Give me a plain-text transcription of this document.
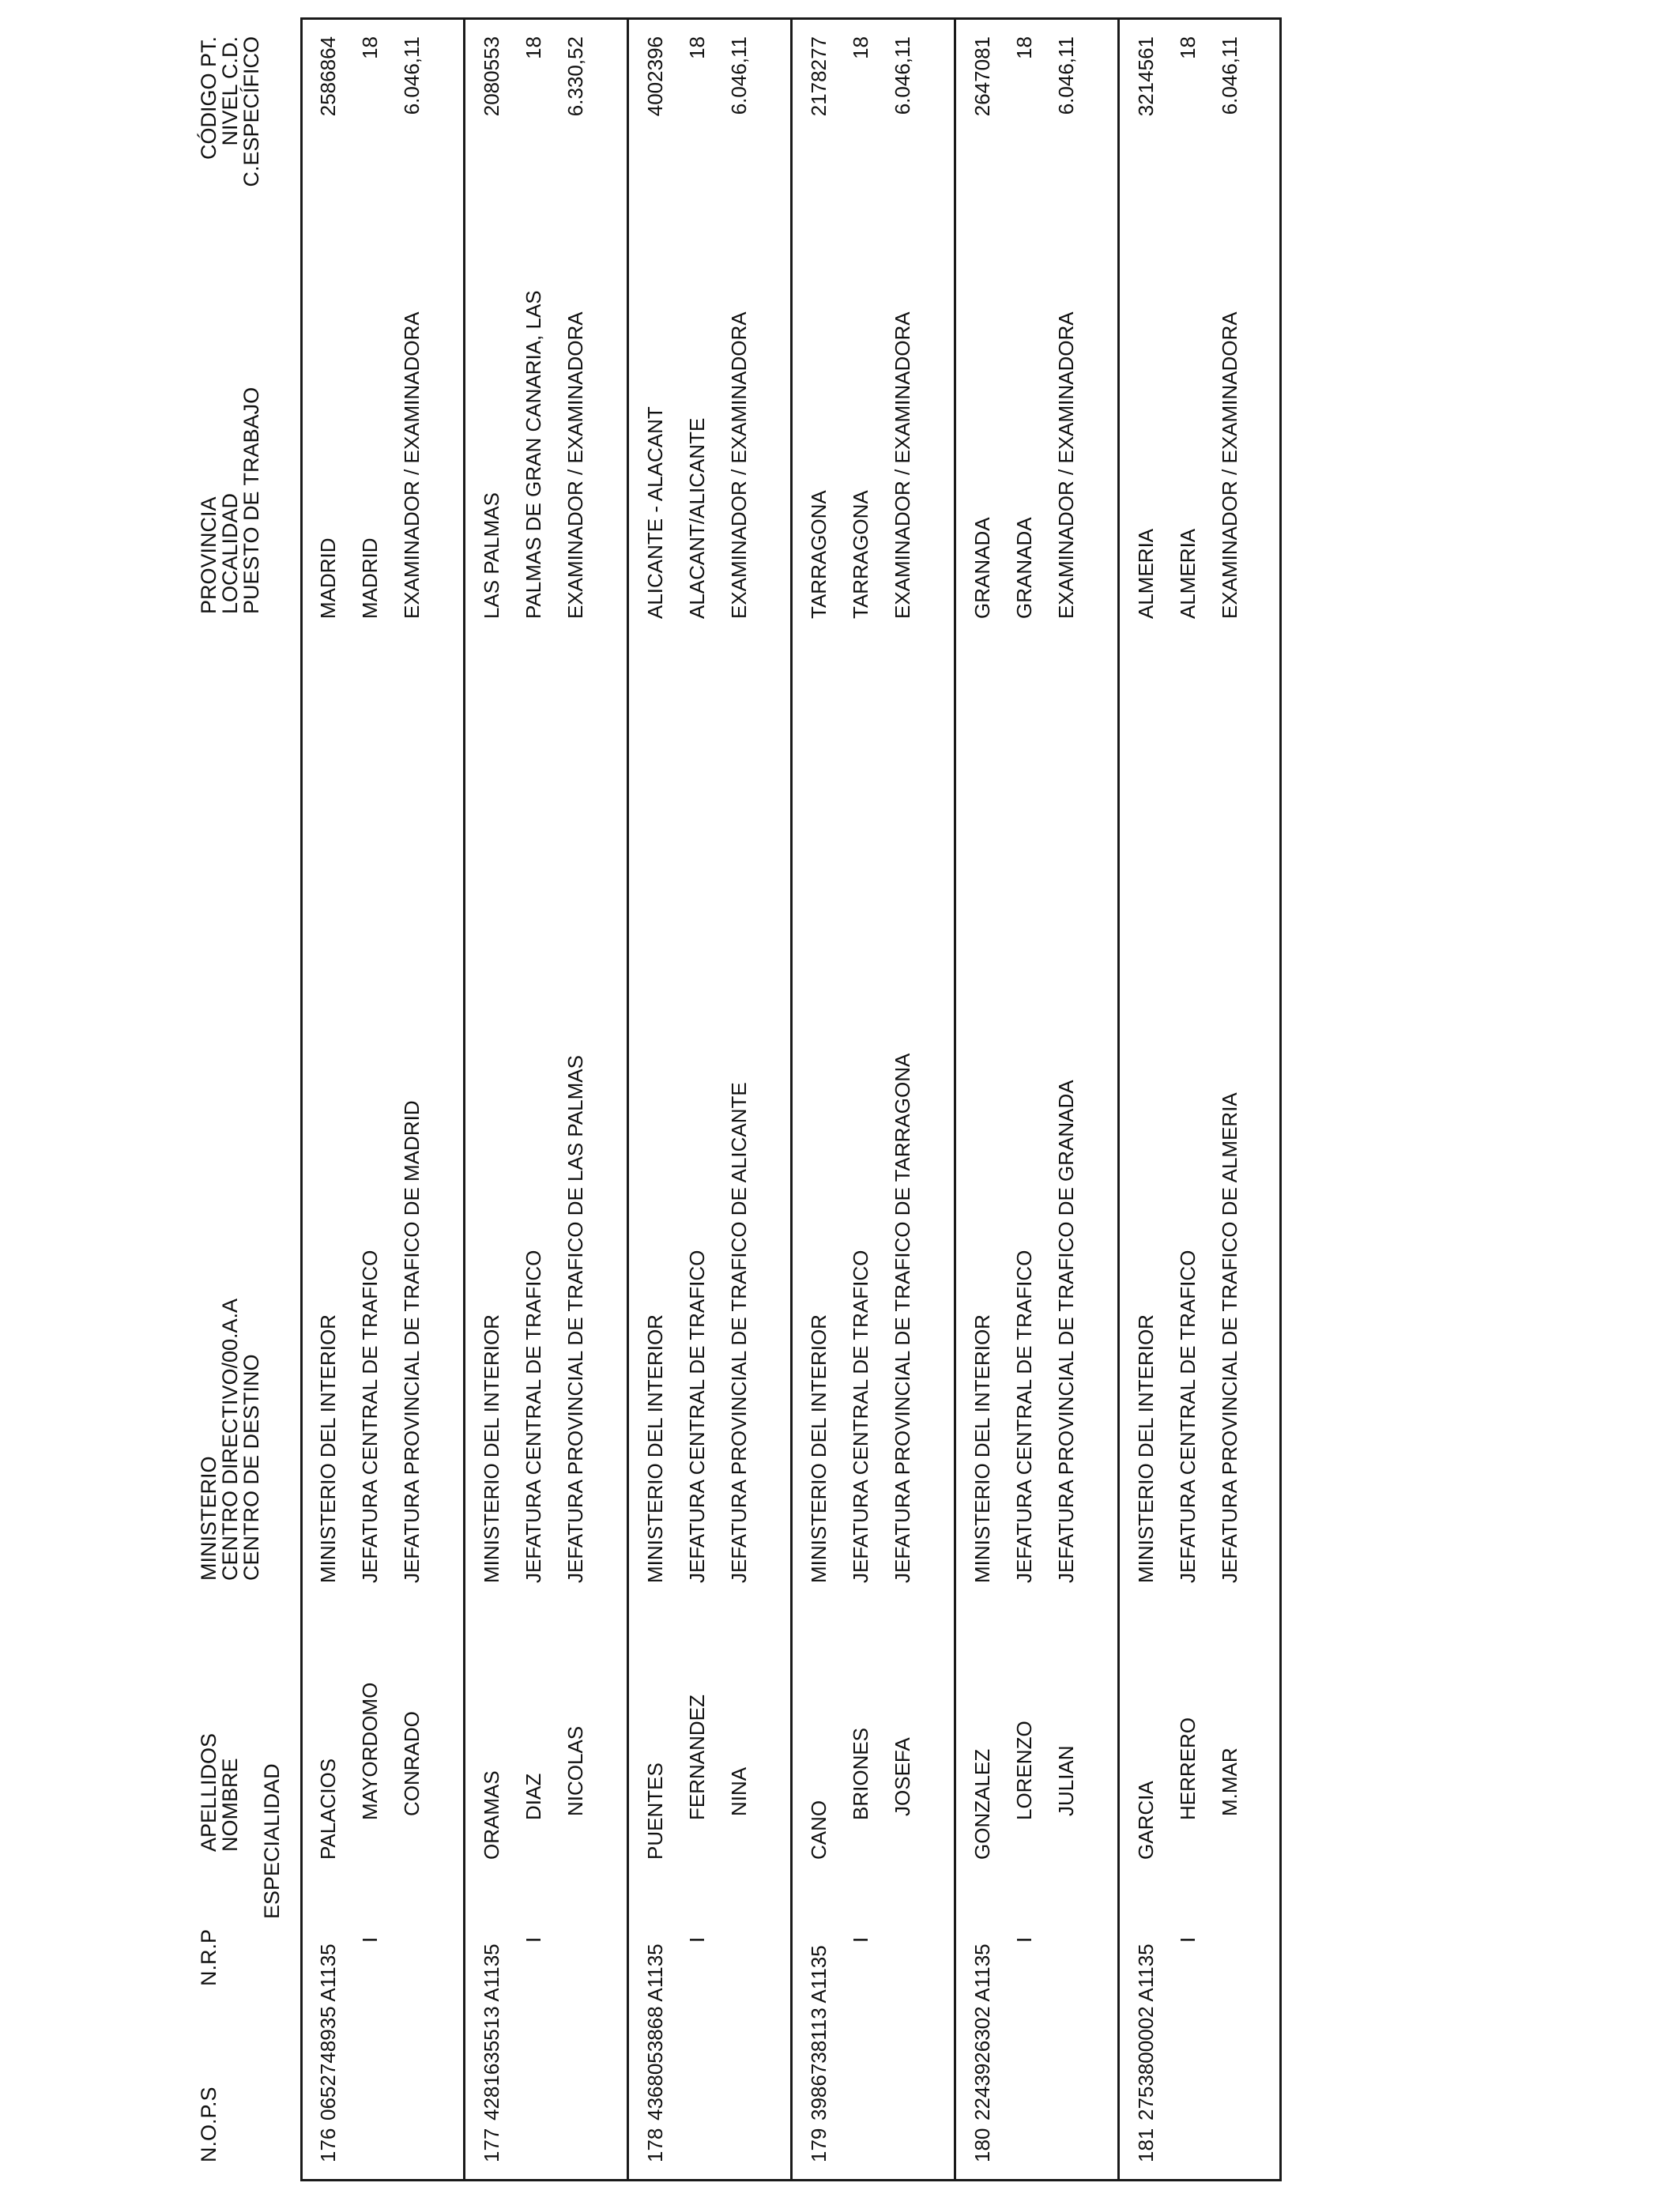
N.O.P.S
N.R.P
ESPECIALIDAD
APELLIDOS
NOMBRE
MINISTERIO
CENTRO DIRECTIVO/00.A.A
CENTRO DE DESTINO
PROVINCIA
LOCALIDAD
PUESTO DE TRABAJO
CÓDIGO PT.
NIVEL C.D.
C.ESPECÍFICO
176
0652748935 A1135
I
PALACIOS MAYORDOMO CONRADO
MINISTERIO DEL INTERIOR JEFATURA CENTRAL DE TRAFICO JEFATURA PROVINCIAL DE TRAFICO DE MADRID
MADRID MADRID EXAMINADOR / EXAMINADORA
2586864 18 6.046,11
177
4281635513 A1135
I
ORAMAS DIAZ NICOLAS
MINISTERIO DEL INTERIOR JEFATURA CENTRAL DE TRAFICO JEFATURA PROVINCIAL DE TRAFICO DE LAS PALMAS
LAS PALMAS PALMAS DE GRAN CANARIA, LAS EXAMINADOR / EXAMINADORA
2080553 18 6.330,52
178
4368053868 A1135
I
PUENTES FERNANDEZ NINA
MINISTERIO DEL INTERIOR JEFATURA CENTRAL DE TRAFICO JEFATURA PROVINCIAL DE TRAFICO DE ALICANTE
ALICANTE - ALACANT ALACANT/ALICANTE EXAMINADOR / EXAMINADORA
4002396 18 6.046,11
179
3986738113 A1135
I
CANO
BRIONES JOSEFA
MINISTERIO DEL INTERIOR JEFATURA CENTRAL DE TRAFICO JEFATURA PROVINCIAL DE TRAFICO DE TARRAGONA
TARRAGONA TARRAGONA EXAMINADOR / EXAMINADORA
2178277 18 6.046,11
180
2243926302 A1135
I
GONZALEZ LORENZO JULIAN
MINISTERIO DEL INTERIOR JEFATURA CENTRAL DE TRAFICO JEFATURA PROVINCIAL DE TRAFICO DE GRANADA
GRANADA GRANADA EXAMINADOR / EXAMINADORA
2647081 18 6.046,11
181
2753800002 A1135
I
GARCIA
HERRERO M.MAR
MINISTERIO DEL INTERIOR JEFATURA CENTRAL DE TRAFICO JEFATURA PROVINCIAL DE TRAFICO DE ALMERIA
ALMERIA ALMERIA EXAMINADOR / EXAMINADORA
3214561 18 6.046,11
